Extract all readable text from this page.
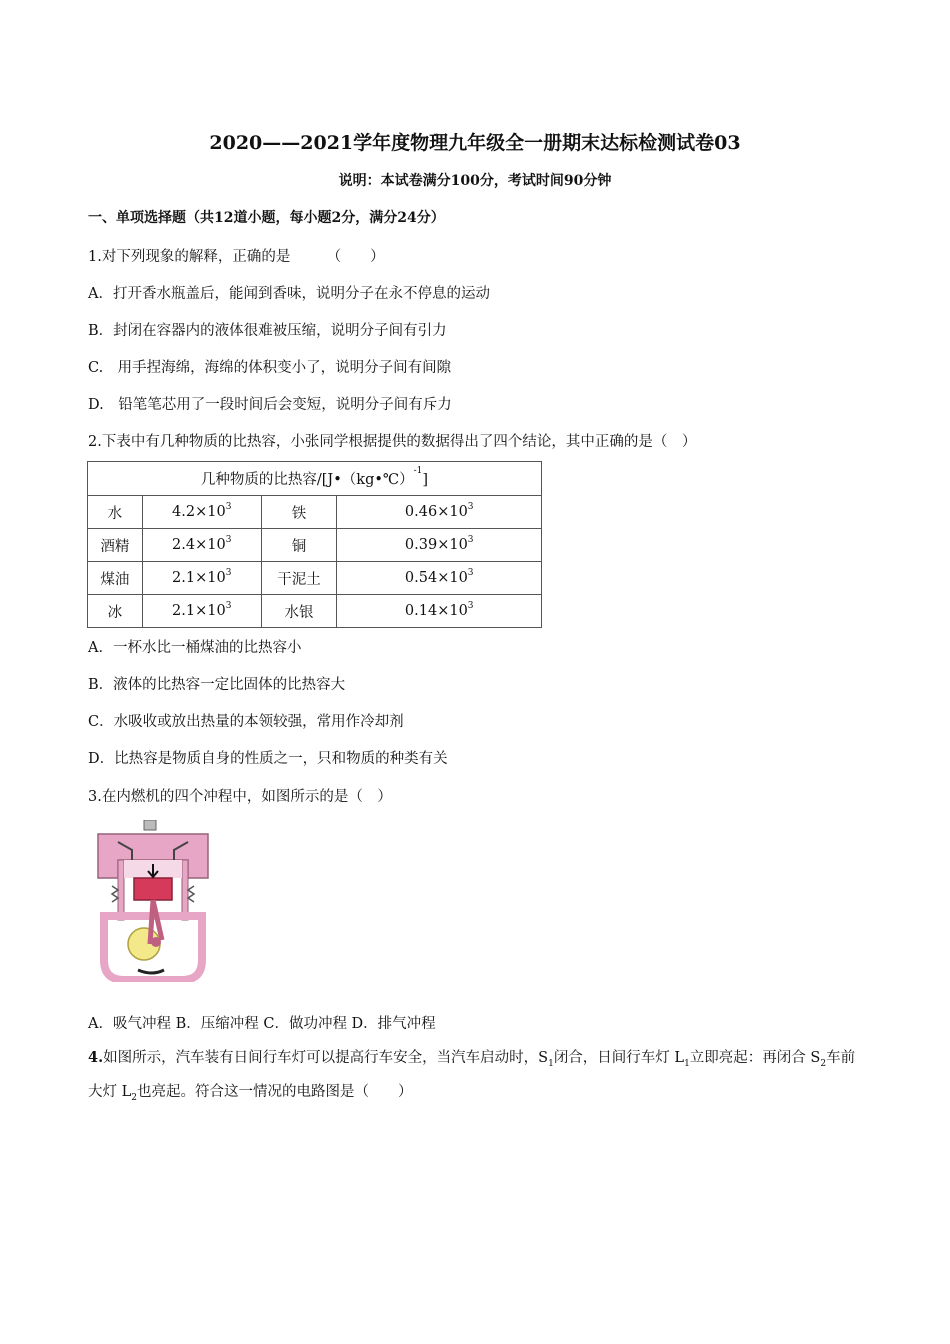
2020——2021学年度物理九年级全一册期末达标检测试卷03
说明：本试卷满分100分，考试时间90分钟
一、单项选择题（共12道小题，每小题2分，满分24分）
1.对下列现象的解释，正确的是　　　（　　）
A．打开香水瓶盖后，能闻到香味，说明分子在永不停息的运动
B．封闭在容器内的液体很难被压缩，说明分子间有引力
C.　用手捏海绵，海绵的体积变小了，说明分子间有间隙
D.　铅笔笔芯用了一段时间后会变短，说明分子间有斥力
2.下表中有几种物质的比热容，小张同学根据提供的数据得出了四个结论，其中正确的是（　）
几种物质的比热容/[J•（kg•℃）$^{-1}$]			
水	$4.2\times 10^3$	铁	$0.46\times 10^3$
酒精	$2.4\times 10^3$	铜	$0.39\times 10^3$
煤油	$2.1\times 10^3$	干泥土	$0.54\times 10^3$
冰	$2.1\times 10^3$	水银	$0.14\times 10^3$
A．一杯水比一桶煤油的比热容小
B．液体的比热容一定比固体的比热容大
C．水吸收或放出热量的本领较强，常用作冷却剂
D．比热容是物质自身的性质之一，只和物质的种类有关
3.在内燃机的四个冲程中，如图所示的是（　）
A．吸气冲程 B．压缩冲程 C．做功冲程 D．排气冲程
4.如图所示，汽车装有日间行车灯可以提高行车安全，当汽车启动时，$S_1$闭合，日间行车灯 $L_1$立即亮起：再闭合 $S_2$车前大灯 $L_2$也亮起。符合这一情况的电路图是（　　）
